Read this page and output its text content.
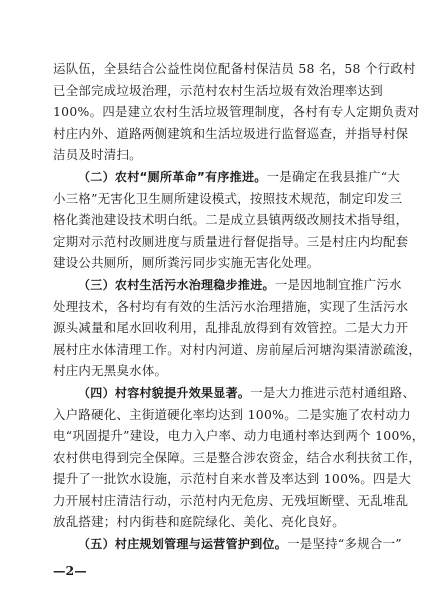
运队伍，全县结合公益性岗位配备村保洁员 58 名，58 个行政村
已全部完成垃圾治理，示范村农村生活垃圾有效治理率达到
100%。四是建立农村生活垃圾管理制度，各村有专人定期负责对
村庄内外、道路两侧建筑和生活垃圾进行监督巡查，并指导村保
洁员及时清扫。
（二）农村“厕所革命”有序推进。一是确定在我县推广“大
小三格”无害化卫生厕所建设模式，按照技术规范，制定印发三
格化粪池建设技术明白纸。二是成立县镇两级改厕技术指导组，
定期对示范村改厕进度与质量进行督促指导。三是村庄内均配套
建设公共厕所，厕所粪污同步实施无害化处理。
（三）农村生活污水治理稳步推进。一是因地制宜推广污水
处理技术，各村均有有效的生活污水治理措施，实现了生活污水
源头减量和尾水回收利用，乱排乱放得到有效管控。二是大力开
展村庄水体清理工作。对村内河道、房前屋后河塘沟渠清淤疏浚，
村庄内无黑臭水体。
（四）村容村貌提升效果显著。一是大力推进示范村通组路、
入户路硬化、主街道硬化率均达到 100%。二是实施了农村动力
电“巩固提升”建设，电力入户率、动力电通村率达到两个 100%，
农村供电得到完全保障。三是整合涉农资金，结合水利扶贫工作，
提升了一批饮水设施，示范村自来水普及率达到 100%。四是大
力开展村庄清洁行动，示范村内无危房、无残垣断壁、无乱堆乱
放乱搭建；村内街巷和庭院绿化、美化、亮化良好。
（五）村庄规划管理与运营管护到位。一是坚持“多规合一”
—2—
